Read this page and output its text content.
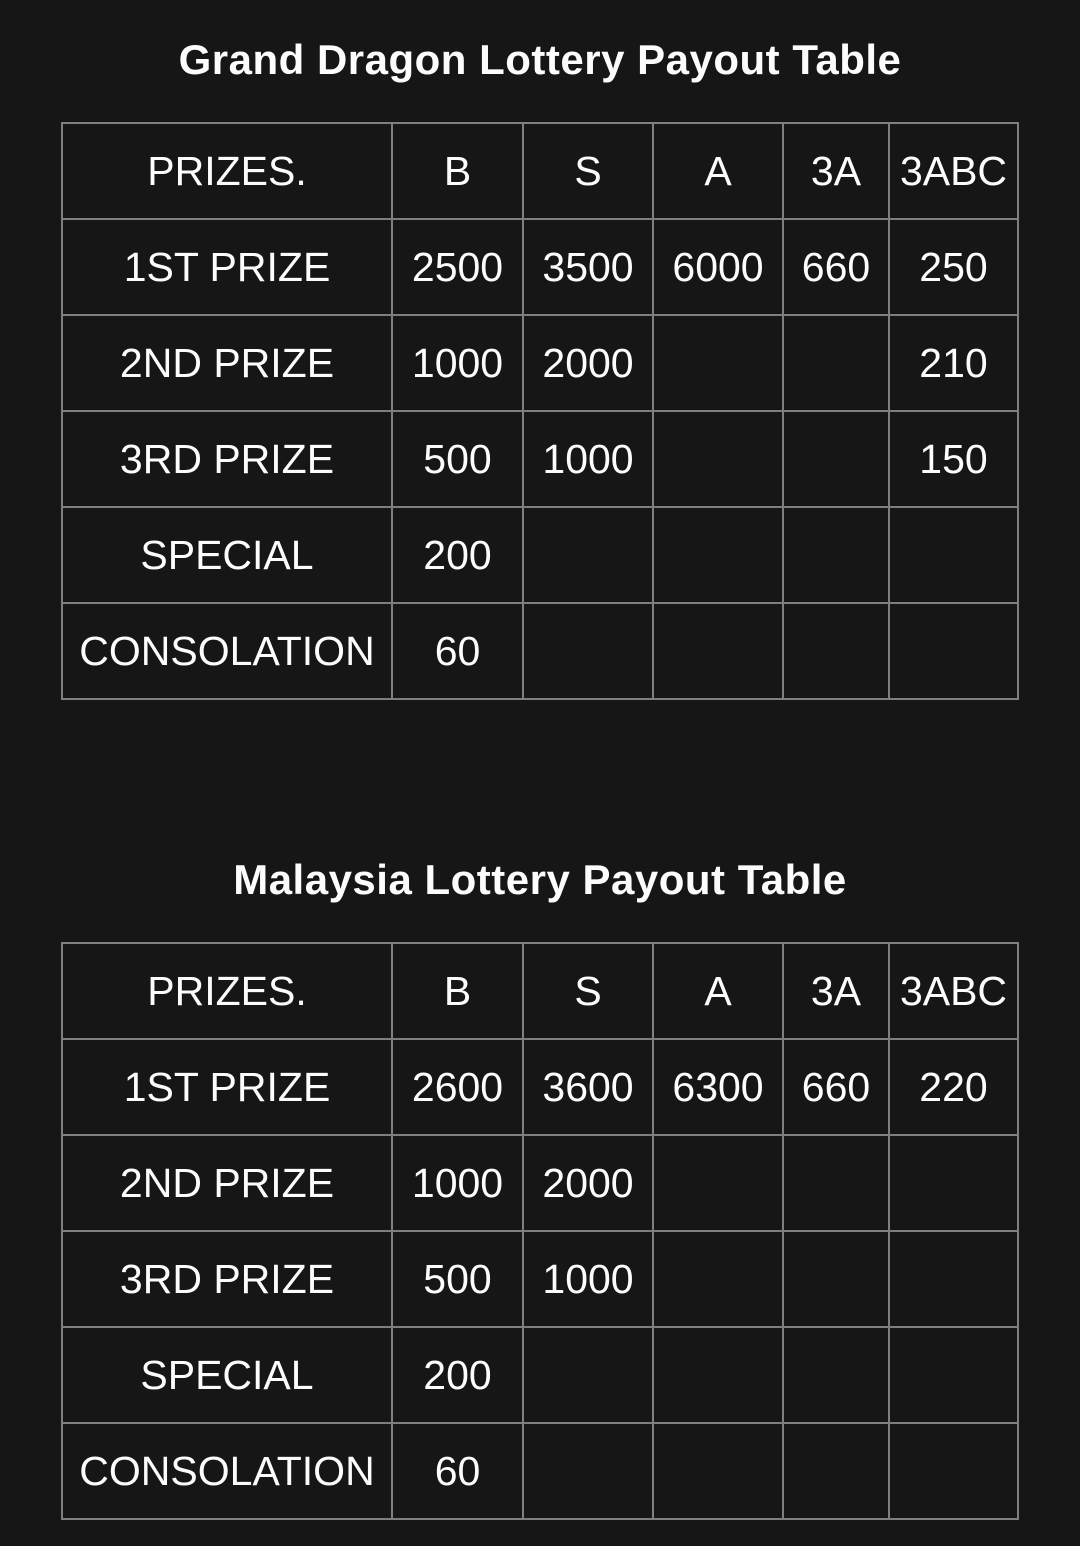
Grand Dragon Lottery Payout Table
PRIZES.	B	S	A	3A	3ABC
1ST PRIZE	2500	3500	6000	660	250
2ND PRIZE	1000	2000			210
3RD PRIZE	500	1000			150
SPECIAL	200				
CONSOLATION	60				
Malaysia Lottery Payout Table
PRIZES.	B	S	A	3A	3ABC
1ST PRIZE	2600	3600	6300	660	220
2ND PRIZE	1000	2000			
3RD PRIZE	500	1000			
SPECIAL	200				
CONSOLATION	60				
